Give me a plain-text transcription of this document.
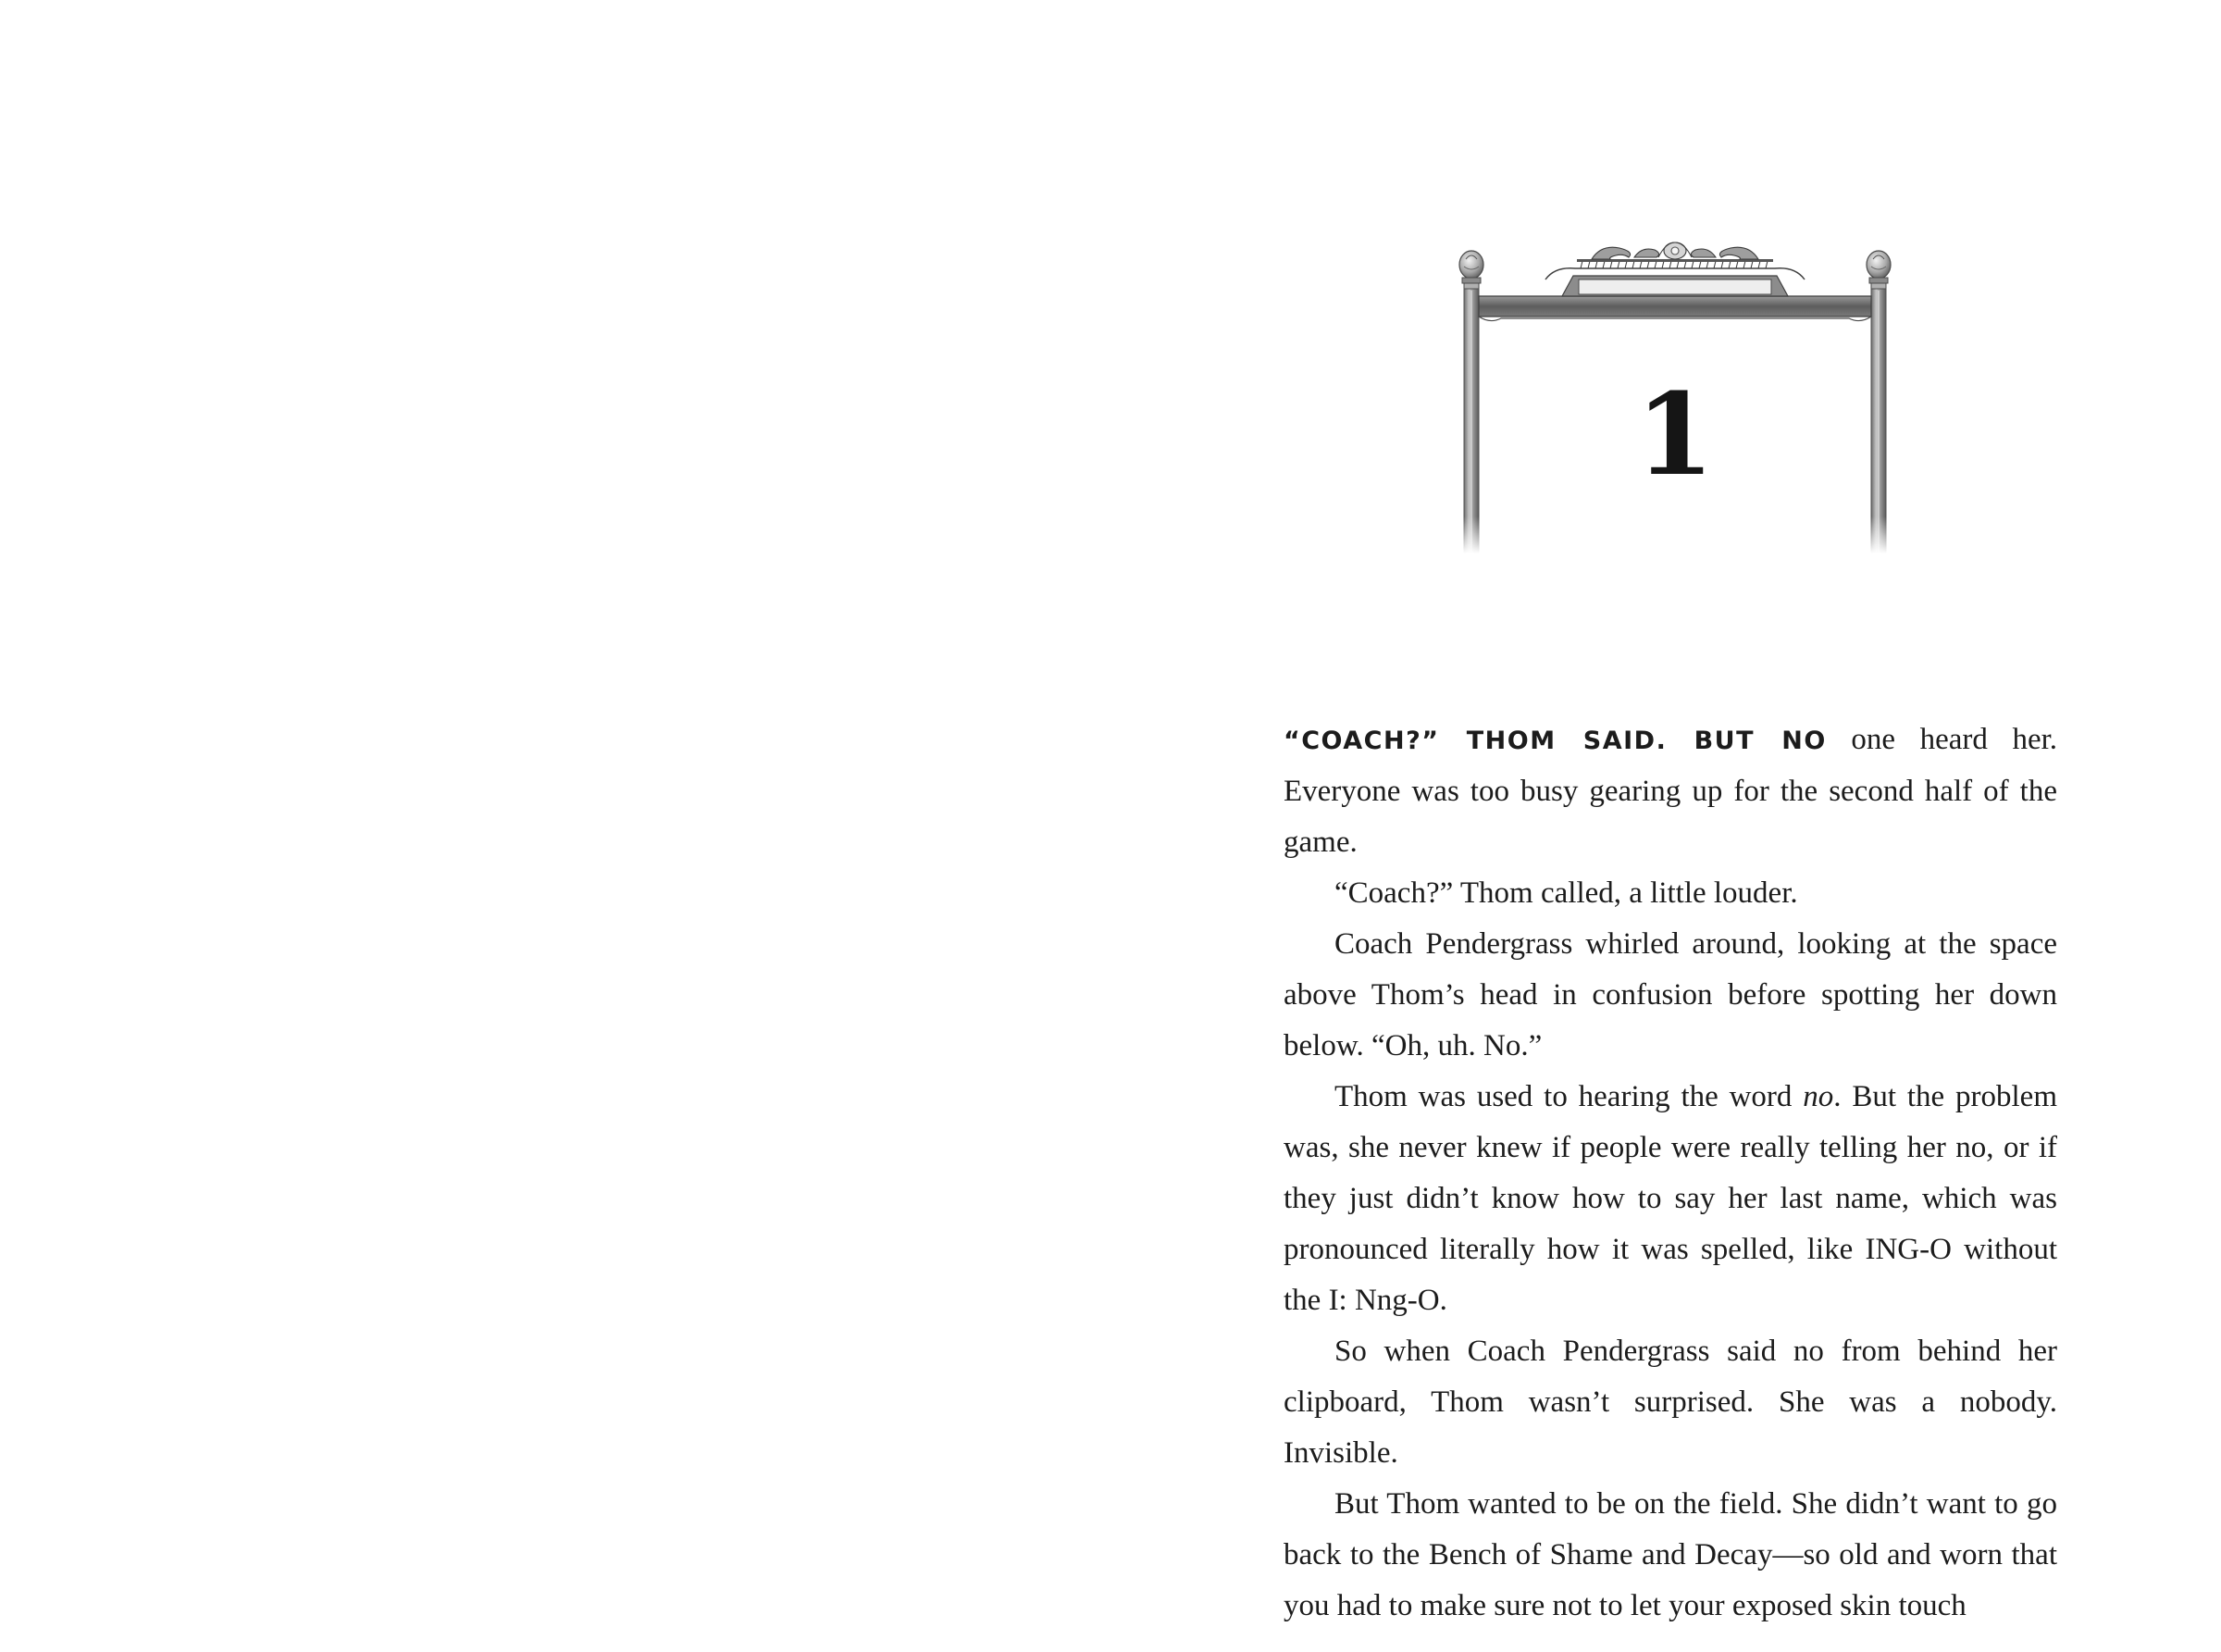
1

“COACH?” THOM SAID. BUT NO one heard her. Everyone was too busy gearing up for the second half of the game.

“Coach?” Thom called, a little louder.

Coach Pendergrass whirled around, looking at the space above Thom’s head in confusion before spotting her down below. “Oh, uh. No.”

Thom was used to hearing the word no. But the problem was, she never knew if people were really telling her no, or if they just didn’t know how to say her last name, which was pronounced literally how it was spelled, like ING-O without the I: Nng-O.

So when Coach Pendergrass said no from behind her clipboard, Thom wasn’t surprised. She was a nobody. Invisible.

But Thom wanted to be on the field. She didn’t want to go back to the Bench of Shame and Decay—so old and worn that you had to make sure not to let your exposed skin touch
